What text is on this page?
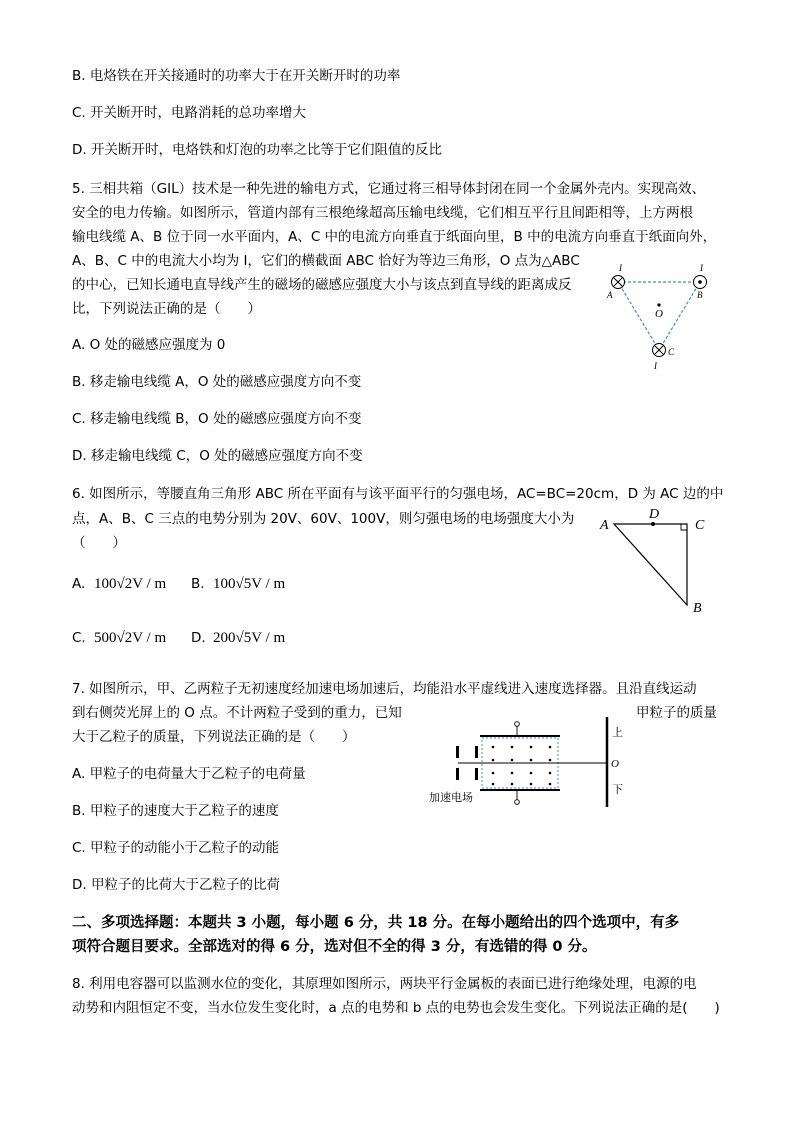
B. 电烙铁在开关接通时的功率大于在开关断开时的功率
C. 开关断开时，电路消耗的总功率增大
D. 开关断开时，电烙铁和灯泡的功率之比等于它们阻值的反比
5. 三相共箱（GIL）技术是一种先进的输电方式，它通过将三相导体封闭在同一个金属外壳内。实现高效、
安全的电力传输。如图所示，管道内部有三根绝缘超高压输电线缆，它们相互平行且间距相等，上方两根
输电线缆 A、B 位于同一水平面内，A、C 中的电流方向垂直于纸面向里，B 中的电流方向垂直于纸面向外，
A、B、C 中的电流大小均为 I，它们的横截面 ABC 恰好为等边三角形，O 点为△ABC
的中心，已知长通电直导线产生的磁场的磁感应强度大小与该点到直导线的距离成反
比，下列说法正确的是（　　）
A. O 处的磁感应强度为 0
B. 移走输电线缆 A，O 处的磁感应强度方向不变
C. 移走输电线缆 B，O 处的磁感应强度方向不变
D. 移走输电线缆 C，O 处的磁感应强度方向不变
I	I
I
A	B
C
O
6. 如图所示，等腰直角三角形 ABC 所在平面有与该平面平行的匀强电场，AC=BC=20cm，D 为 AC 边的中
点，A、B、C 三点的电势分别为 20V、60V、100V，则匀强电场的电场强度大小为
（　　）
A. 100√2V / m B. 100√5V / m
C. 500√2V / m D. 200√5V / m
A
D
C
B
7. 如图所示，甲、乙两粒子无初速度经加速电场加速后，均能沿水平虚线进入速度选择器。且沿直线运动
到右侧荧光屏上的 O 点。不计两粒子受到的重力，已知	甲粒子的质量
大于乙粒子的质量，下列说法正确的是（　　）
A. 甲粒子的电荷量大于乙粒子的电荷量
B. 甲粒子的速度大于乙粒子的速度
C. 甲粒子的动能小于乙粒子的动能
D. 甲粒子的比荷大于乙粒子的比荷
上
O
下
加速电场
二、多项选择题：本题共 3 小题，每小题 6 分，共 18 分。在每小题给出的四个选项中，有多
项符合题目要求。全部选对的得 6 分，选对但不全的得 3 分，有选错的得 0 分。
8. 利用电容器可以监测水位的变化，其原理如图所示，两块平行金属板的表面已进行绝缘处理，电源的电
动势和内阻恒定不变，当水位发生变化时，a 点的电势和 b 点的电势也会发生变化。下列说法正确的是(　　)
